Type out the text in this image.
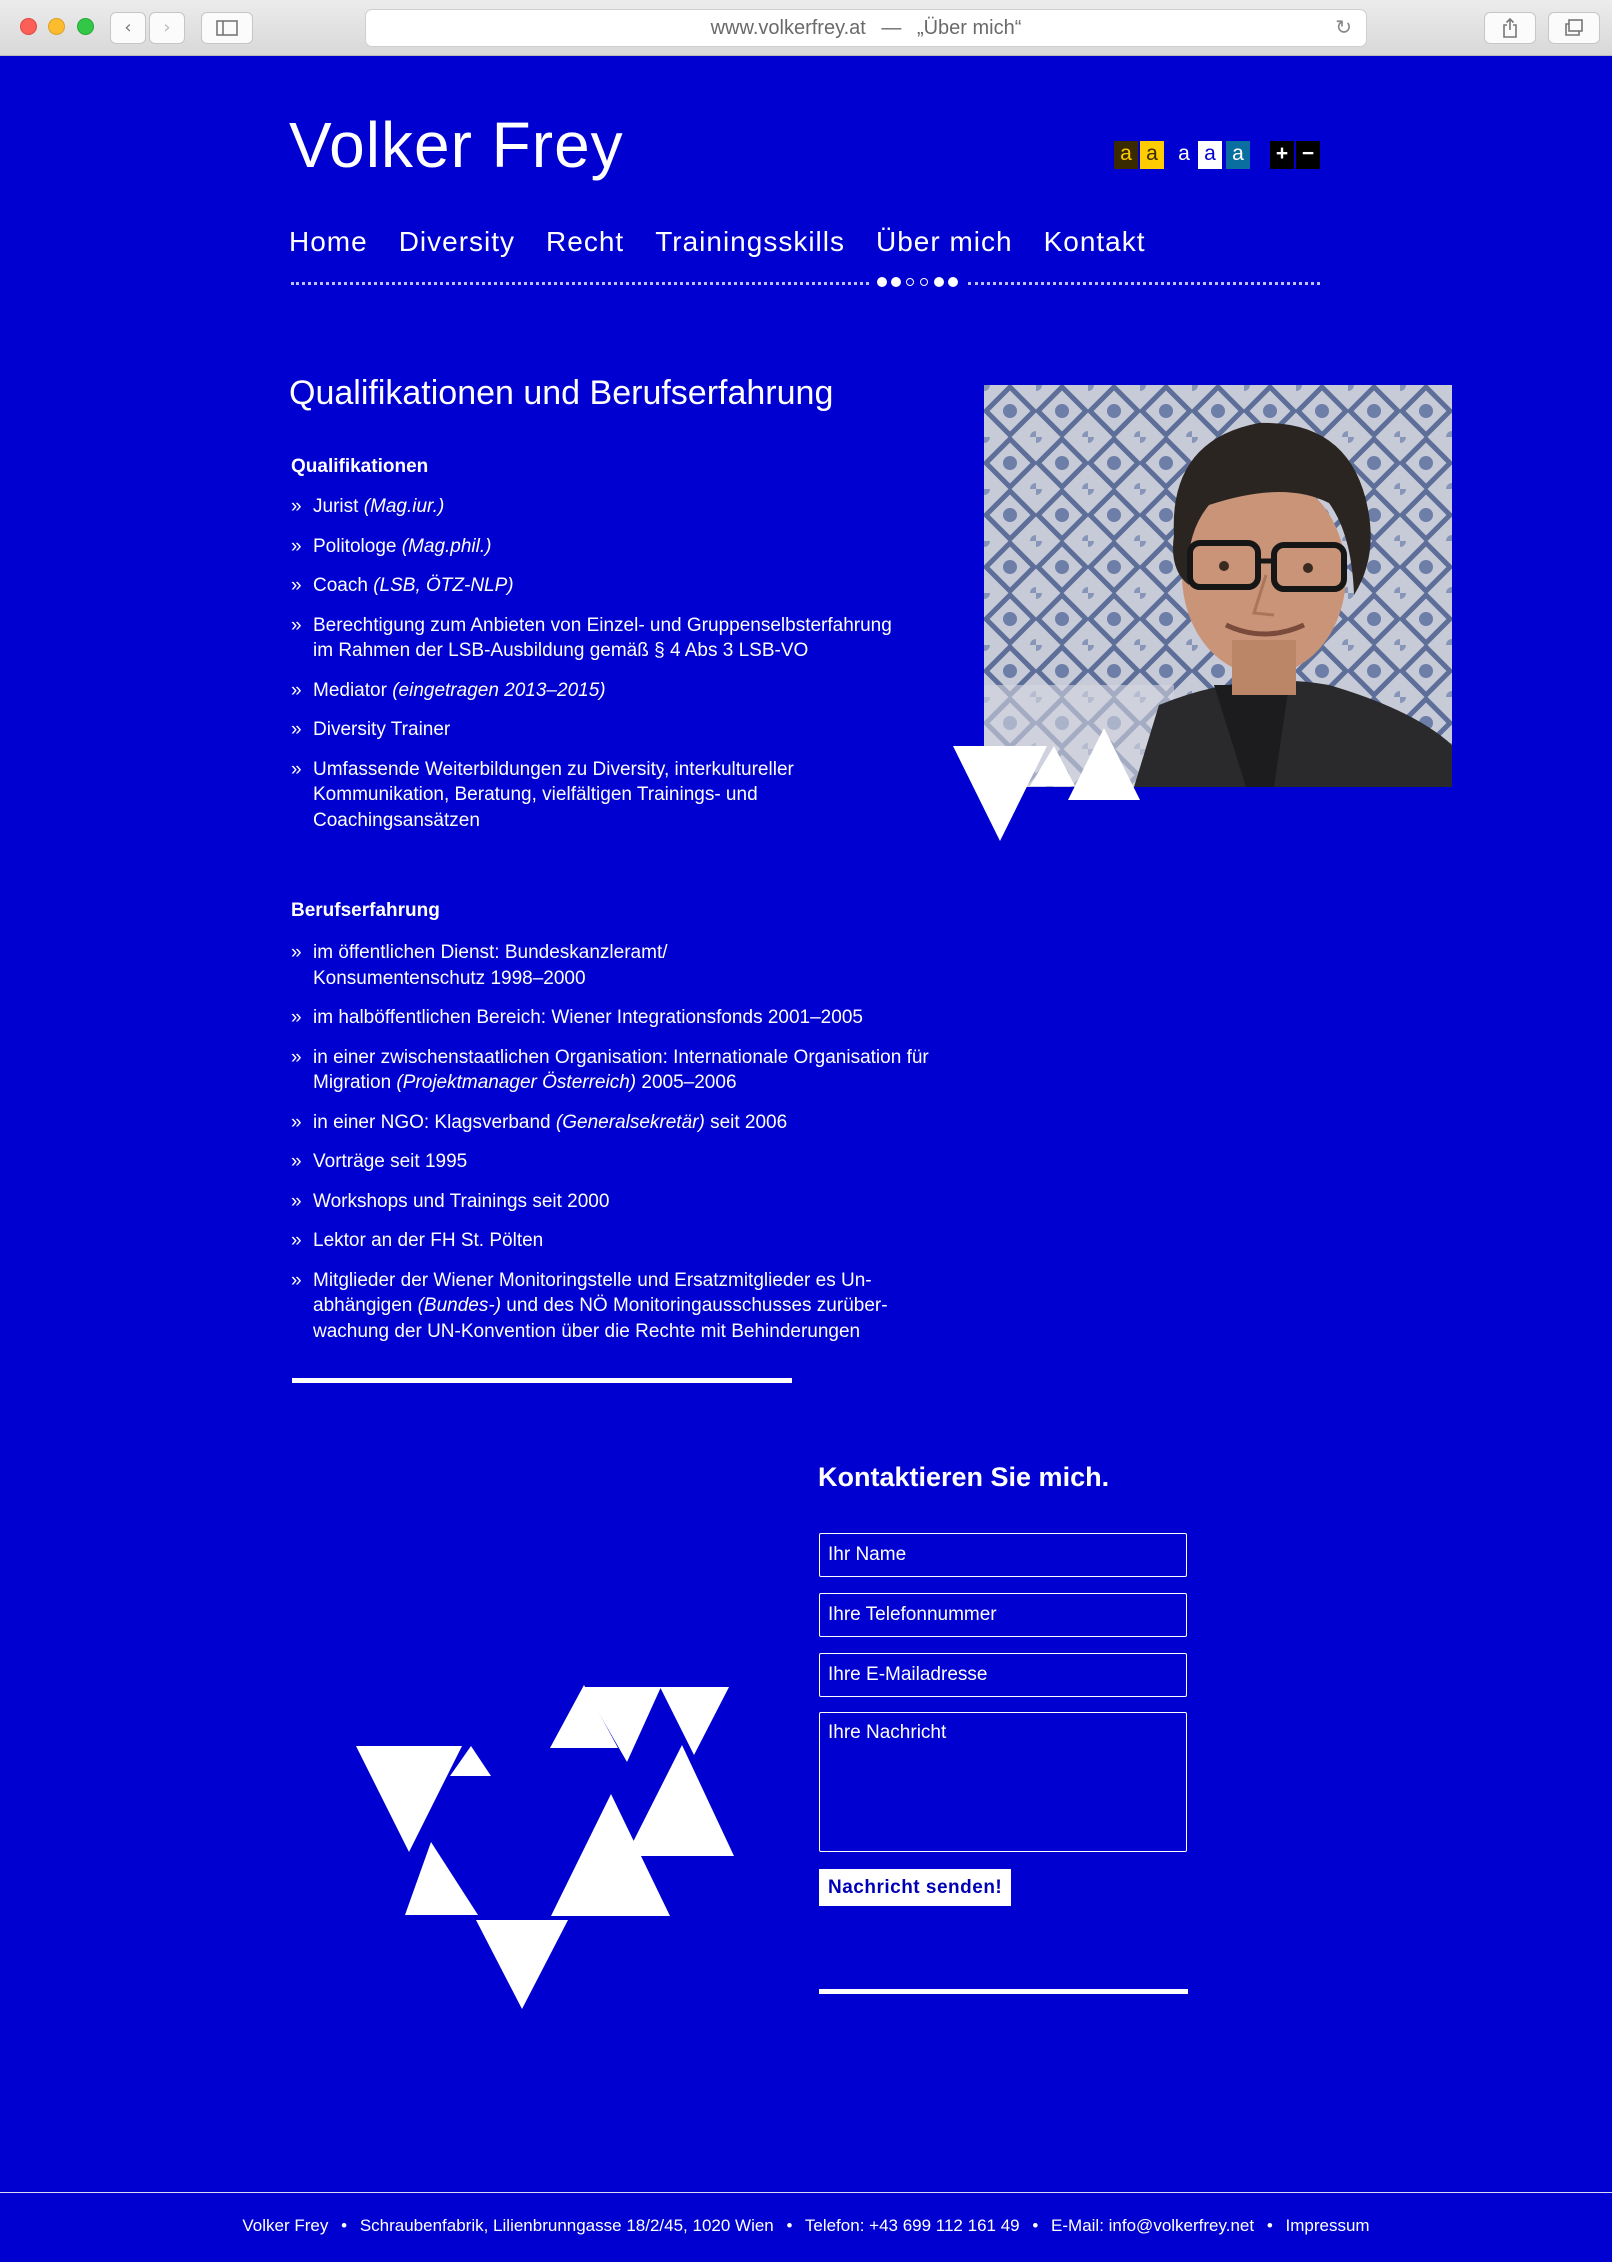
‹	›	www.volkerfrey.at — „Über mich“	↻
Volker Frey	a a a a a + −
Home Diversity Recht Trainingsskills Über mich Kontakt
Qualifikationen und Berufserfahrung
Qualifikationen
» Jurist (Mag.iur.)
» Politologe (Mag.phil.)
» Coach (LSB, ÖTZ-NLP)
» Berechtigung zum Anbieten von Einzel- und Gruppenselbsterfahrung im Rahmen der LSB-Ausbildung gemäß § 4 Abs 3 LSB-VO
» Mediator (eingetragen 2013–2015)
» Diversity Trainer
» Umfassende Weiterbildungen zu Diversity, interkultureller Kommunikation, Beratung, vielfältigen Trainings- und Coachingsansätzen
Berufserfahrung
» im öffentlichen Dienst: Bundeskanzleramt/ Konsumentenschutz 1998–2000
» im halböffentlichen Bereich: Wiener Integrationsfonds 2001–2005
» in einer zwischenstaatlichen Organisation: Internationale Organisation für Migration (Projektmanager Österreich) 2005–2006
» in einer NGO: Klagsverband (Generalsekretär) seit 2006
» Vorträge seit 1995
» Workshops und Trainings seit 2000
» Lektor an der FH St. Pölten
» Mitglieder der Wiener Monitoringstelle und Ersatzmitglieder es Un-abhängigen (Bundes-) und des NÖ Monitoringausschusses zurüber-wachung der UN-Konvention über die Rechte mit Behinderungen
Kontaktieren Sie mich.
Ihr Name
Ihre Telefonnummer
Ihre E-Mailadresse
Ihre Nachricht
Nachricht senden!
Volker Frey • Schraubenfabrik, Lilienbrunngasse 18/2/45, 1020 Wien • Telefon: +43 699 112 161 49 • E-Mail: info@volkerfrey.net • Impressum
